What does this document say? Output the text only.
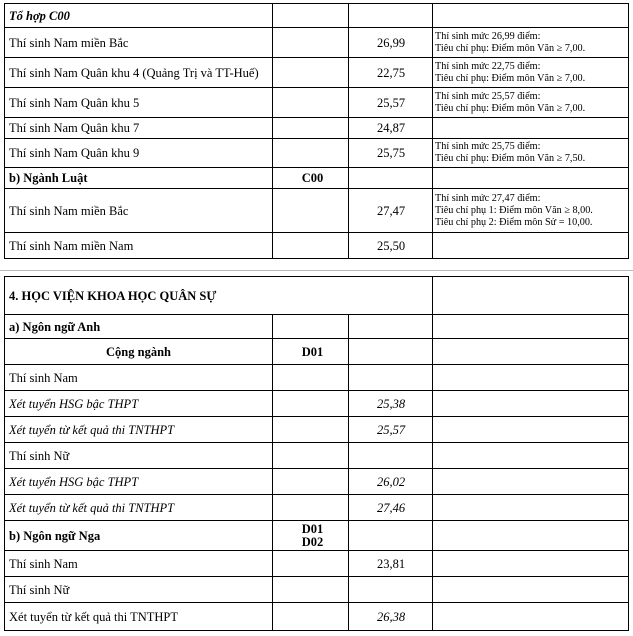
Tổ hợp C00			
Thí sinh Nam miền Bắc		26,99	Thí sinh mức 26,99 điểm:
Tiêu chí phụ: Điểm môn Văn ≥ 7,00.

Thí sinh Nam Quân khu 4 (Quảng Trị và TT-Huế)		22,75	Thí sinh mức 22,75 điểm:
Tiêu chí phụ: Điểm môn Văn ≥ 7,00.

Thí sinh Nam Quân khu 5		25,57	Thí sinh mức 25,57 điểm:
Tiêu chí phụ: Điểm môn Văn ≥ 7,00.

Thí sinh Nam Quân khu 7		24,87	
Thí sinh Nam Quân khu 9		25,75	Thí sinh mức 25,75 điểm:
Tiêu chí phụ: Điểm môn Văn ≥ 7,50.

b) Ngành Luật	C00		
Thí sinh Nam miền Bắc		27,47	Thí sinh mức 27,47 điểm:
Tiêu chí phụ 1: Điểm môn Văn ≥ 8,00.
Tiêu chí phụ 2: Điểm môn Sử = 10,00.

Thí sinh Nam miền Nam		25,50	
4. HỌC VIỆN KHOA HỌC QUÂN SỰ			
a) Ngôn ngữ Anh			
Cộng ngành	D01		
Thí sinh Nam			
Xét tuyển HSG bậc THPT		25,38	
Xét tuyển từ kết quả thi TNTHPT		25,57	
Thí sinh Nữ			
Xét tuyển HSG bậc THPT		26,02	
Xét tuyển từ kết quả thi TNTHPT		27,46	
b) Ngôn ngữ Nga	D01
D02		

Thí sinh Nam		23,81	
Thí sinh Nữ			
Xét tuyển từ kết quả thi TNTHPT		26,38	
